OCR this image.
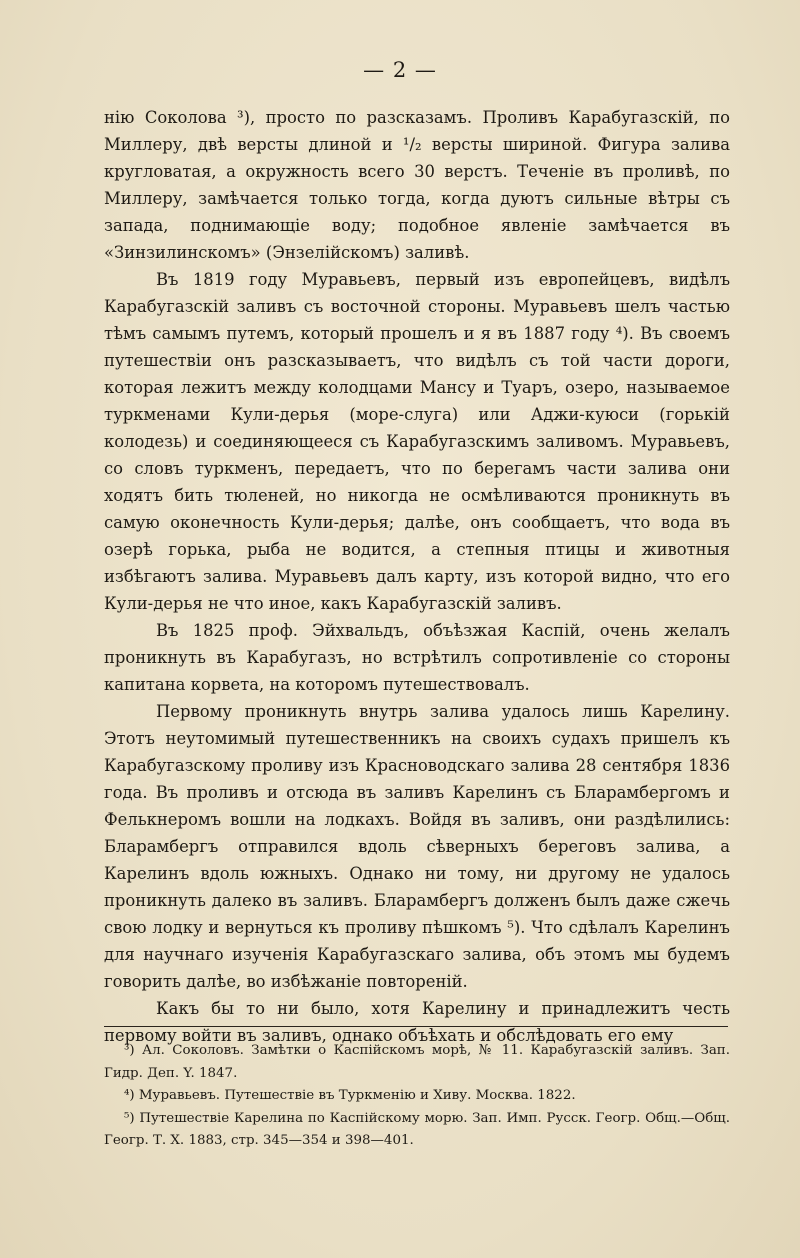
— 2 —

нію Соколова ³), просто по разсказамъ. Проливъ Карабугазскій, по Миллеру, двѣ версты длиной и ¹/₂ версты шириной. Фигура залива кругловатая, а окружность всего 30 верстъ. Теченіе въ проливѣ, по Миллеру, замѣчается только тогда, когда дуютъ сильные вѣтры съ запада, поднимающіе воду; подобное явленіе замѣчается въ «Зинзилинскомъ» (Энзелійскомъ) заливѣ.

Въ 1819 году Муравьевъ, первый изъ европейцевъ, видѣлъ Карабугазскій заливъ съ восточной стороны. Муравьевъ шелъ частью тѣмъ самымъ путемъ, который прошелъ и я въ 1887 году ⁴). Въ своемъ путешествіи онъ разсказываетъ, что видѣлъ съ той части дороги, которая лежитъ между колодцами Мансу и Туаръ, озеро, называемое туркменами Кули-дерья (море-слуга) или Аджи-куюси (горькій колодезь) и соединяющееся съ Карабугазскимъ заливомъ. Муравьевъ, со словъ туркменъ, передаетъ, что по берегамъ части залива они ходятъ бить тюленей, но никогда не осмѣливаются проникнуть въ самую оконечность Кули-дерья; далѣе, онъ сообщаетъ, что вода въ озерѣ горька, рыба не водится, а степныя птицы и животныя избѣгаютъ залива. Муравьевъ далъ карту, изъ которой видно, что его Кули-дерья не что иное, какъ Карабугазскій заливъ.

Въ 1825 проф. Эйхвальдъ, объѣзжая Каспій, очень желалъ проникнуть въ Карабугазъ, но встрѣтилъ сопротивленіе со стороны капитана корвета, на которомъ путешествовалъ.

Первому проникнуть внутрь залива удалось лишь Карелину. Этотъ неутомимый путешественникъ на своихъ судахъ пришелъ къ Карабугазскому проливу изъ Красноводскаго залива 28 сентября 1836 года. Въ проливъ и отсюда въ заливъ Карелинъ съ Бларамбергомъ и Фелькнеромъ вошли на лодкахъ. Войдя въ заливъ, они раздѣлились: Бларамбергъ отправился вдоль сѣверныхъ береговъ залива, а Карелинъ вдоль южныхъ. Однако ни тому, ни другому не удалось проникнуть далеко въ заливъ. Бларамбергъ долженъ былъ даже сжечь свою лодку и вернуться къ проливу пѣшкомъ ⁵). Что сдѣлалъ Карелинъ для научнаго изученія Карабугазскаго залива, объ этомъ мы будемъ говорить далѣе, во избѣжаніе повтореній.

Какъ бы то ни было, хотя Карелину и принадлежитъ честь первому войти въ заливъ, однако объѣхать и обслѣдовать его ему

³) Ал. Соколовъ. Замѣтки о Каспійскомъ морѣ, № 11. Карабугазскій заливъ. Зап. Гидр. Деп. Y. 1847.

⁴) Муравьевъ. Путешествіе въ Туркменію и Хиву. Москва. 1822.

⁵) Путешествіе Карелина по Каспійскому морю. Зап. Имп. Русск. Геогр. Общ.—Общ. Геогр. Т. Х. 1883, стр. 345—354 и 398—401.
